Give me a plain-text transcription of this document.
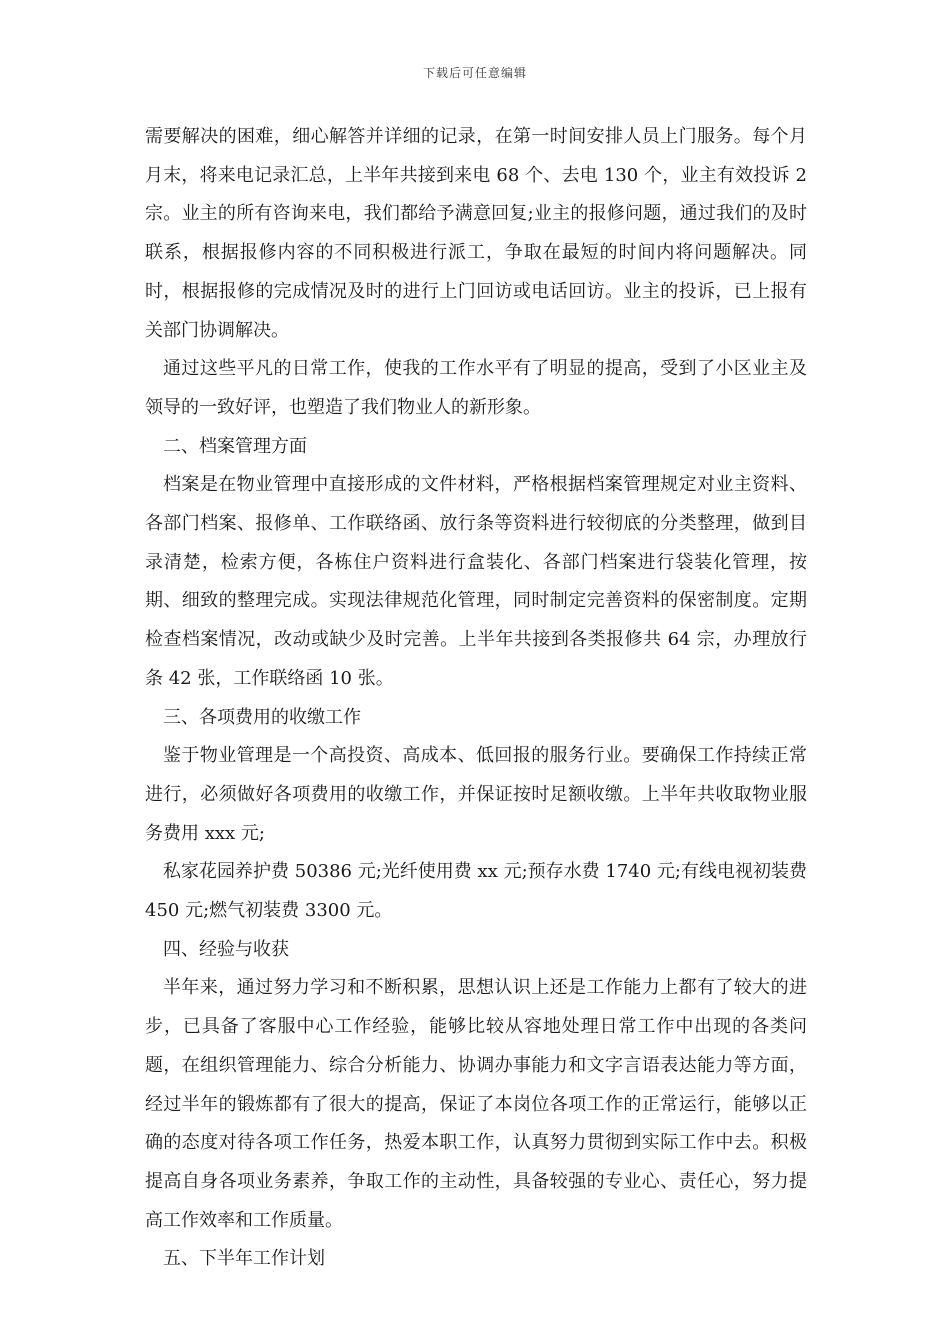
下载后可任意编辑

需要解决的困难，细心解答并详细的记录，在第一时间安排人员上门服务。每个月月末，将来电记录汇总，上半年共接到来电 68 个、去电 130 个，业主有效投诉 2 宗。业主的所有咨询来电，我们都给予满意回复;业主的报修问题，通过我们的及时联系，根据报修内容的不同积极进行派工，争取在最短的时间内将问题解决。同时，根据报修的完成情况及时的进行上门回访或电话回访。业主的投诉，已上报有关部门协调解决。

通过这些平凡的日常工作，使我的工作水平有了明显的提高，受到了小区业主及领导的一致好评，也塑造了我们物业人的新形象。

二、档案管理方面

档案是在物业管理中直接形成的文件材料，严格根据档案管理规定对业主资料、各部门档案、报修单、工作联络函、放行条等资料进行较彻底的分类整理，做到目录清楚，检索方便，各栋住户资料进行盒装化、各部门档案进行袋装化管理，按期、细致的整理完成。实现法律规范化管理，同时制定完善资料的保密制度。定期检查档案情况，改动或缺少及时完善。上半年共接到各类报修共 64 宗，办理放行条 42 张，工作联络函 10 张。

三、各项费用的收缴工作

鉴于物业管理是一个高投资、高成本、低回报的服务行业。要确保工作持续正常进行，必须做好各项费用的收缴工作，并保证按时足额收缴。上半年共收取物业服务费用 xxx 元;

私家花园养护费 50386 元;光纤使用费 xx 元;预存水费 1740 元;有线电视初装费 450 元;燃气初装费 3300 元。

四、经验与收获

半年来，通过努力学习和不断积累，思想认识上还是工作能力上都有了较大的进步，已具备了客服中心工作经验，能够比较从容地处理日常工作中出现的各类问题，在组织管理能力、综合分析能力、协调办事能力和文字言语表达能力等方面，经过半年的锻炼都有了很大的提高，保证了本岗位各项工作的正常运行，能够以正确的态度对待各项工作任务，热爱本职工作，认真努力贯彻到实际工作中去。积极提高自身各项业务素养，争取工作的主动性，具备较强的专业心、责任心，努力提高工作效率和工作质量。

五、下半年工作计划
